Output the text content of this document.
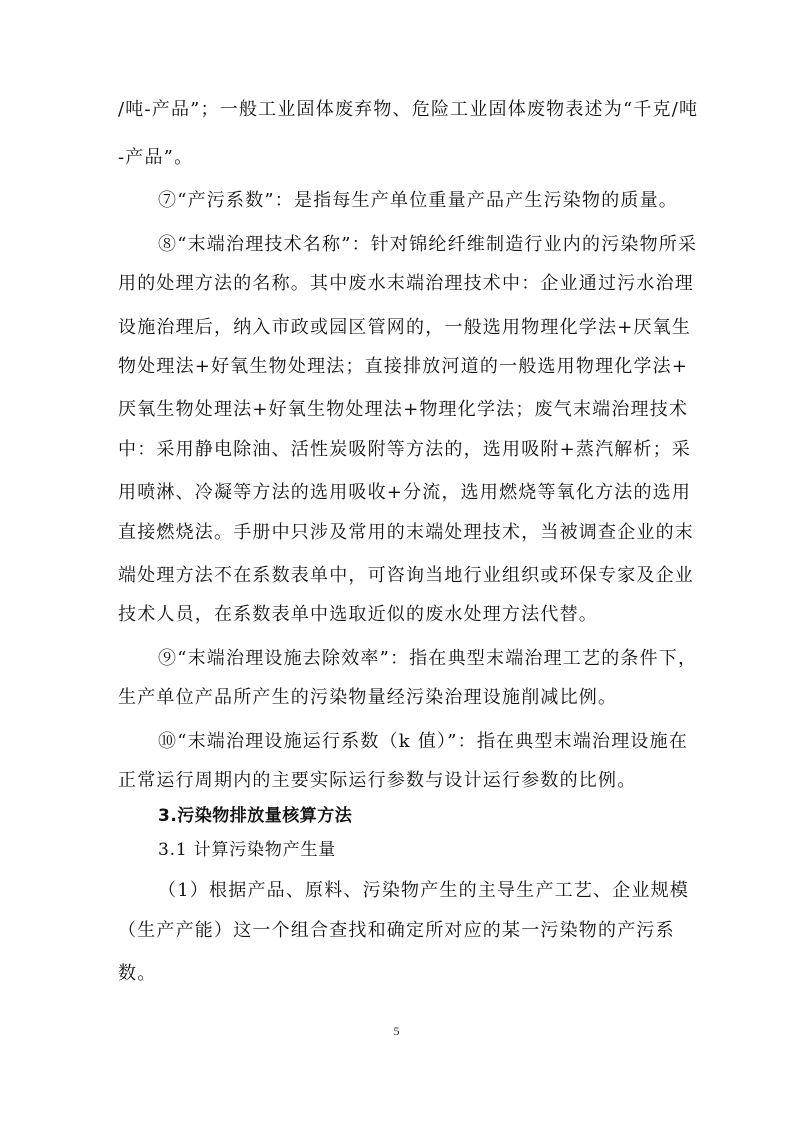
/吨-产品”；一般工业固体废弃物、危险工业固体废物表述为“千克/吨
-产品”。
⑦“产污系数”：是指每生产单位重量产品产生污染物的质量。
⑧“末端治理技术名称”：针对锦纶纤维制造行业内的污染物所采
用的处理方法的名称。其中废水末端治理技术中：企业通过污水治理
设施治理后，纳入市政或园区管网的，一般选用物理化学法+厌氧生
物处理法+好氧生物处理法；直接排放河道的一般选用物理化学法+
厌氧生物处理法+好氧生物处理法+物理化学法；废气末端治理技术
中：采用静电除油、活性炭吸附等方法的，选用吸附+蒸汽解析；采
用喷淋、冷凝等方法的选用吸收+分流，选用燃烧等氧化方法的选用
直接燃烧法。手册中只涉及常用的末端处理技术，当被调查企业的末
端处理方法不在系数表单中，可咨询当地行业组织或环保专家及企业
技术人员，在系数表单中选取近似的废水处理方法代替。
⑨“末端治理设施去除效率”：指在典型末端治理工艺的条件下，
生产单位产品所产生的污染物量经污染治理设施削减比例。
⑩“末端治理设施运行系数（k 值）”：指在典型末端治理设施在
正常运行周期内的主要实际运行参数与设计运行参数的比例。
3.污染物排放量核算方法
3.1 计算污染物产生量
（1）根据产品、原料、污染物产生的主导生产工艺、企业规模
（生产产能）这一个组合查找和确定所对应的某一污染物的产污系
数。
5
